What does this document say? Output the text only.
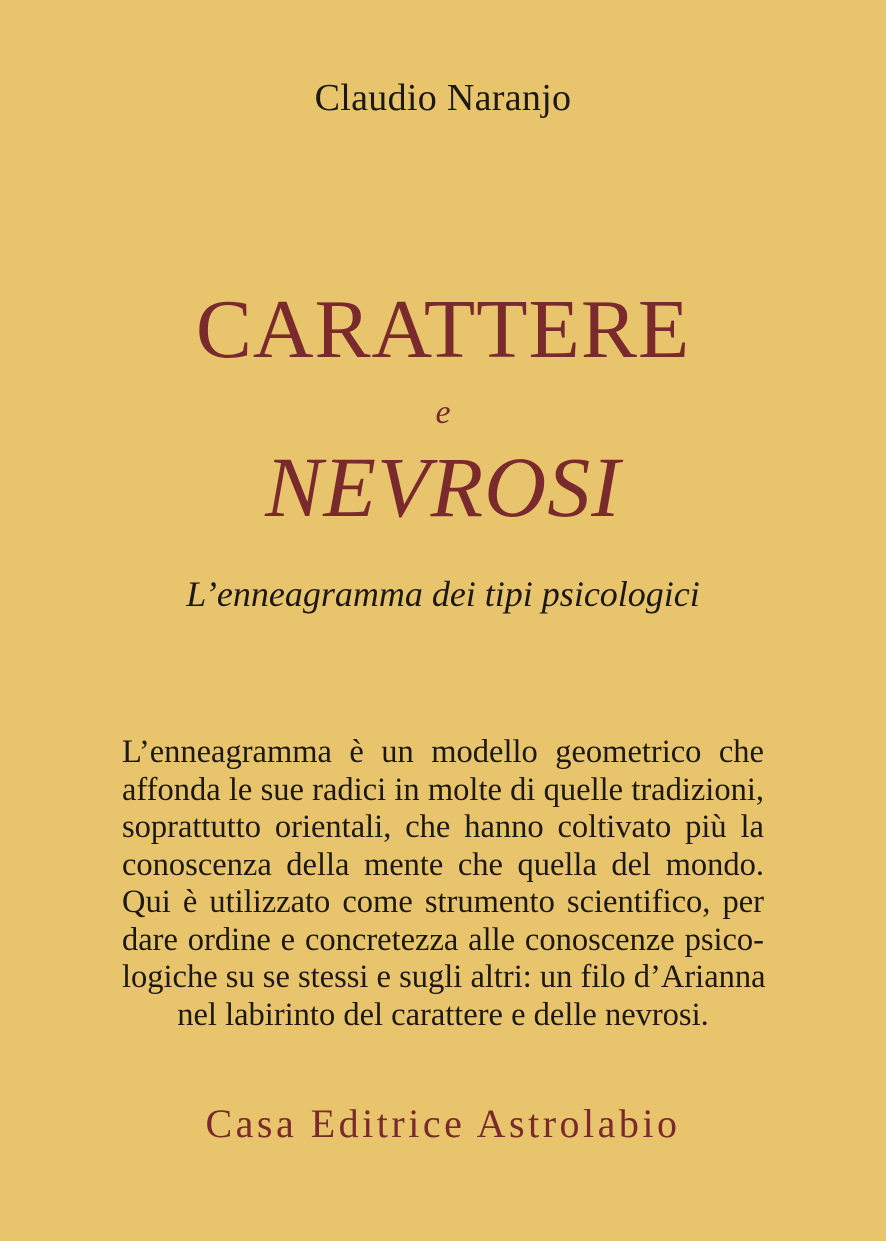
Claudio Naranjo
CARATTERE
e
NEVROSI
L’enneagramma dei tipi psicologici
L’enneagramma è un modello geometrico che
affonda le sue radici in molte di quelle tradizioni,
soprattutto orientali, che hanno coltivato più la
conoscenza della mente che quella del mondo.
Qui è utilizzato come strumento scientifico, per
dare ordine e concretezza alle conoscenze psico-
logiche su se stessi e sugli altri: un filo d’Arianna
nel labirinto del carattere e delle nevrosi.
Casa Editrice Astrolabio
